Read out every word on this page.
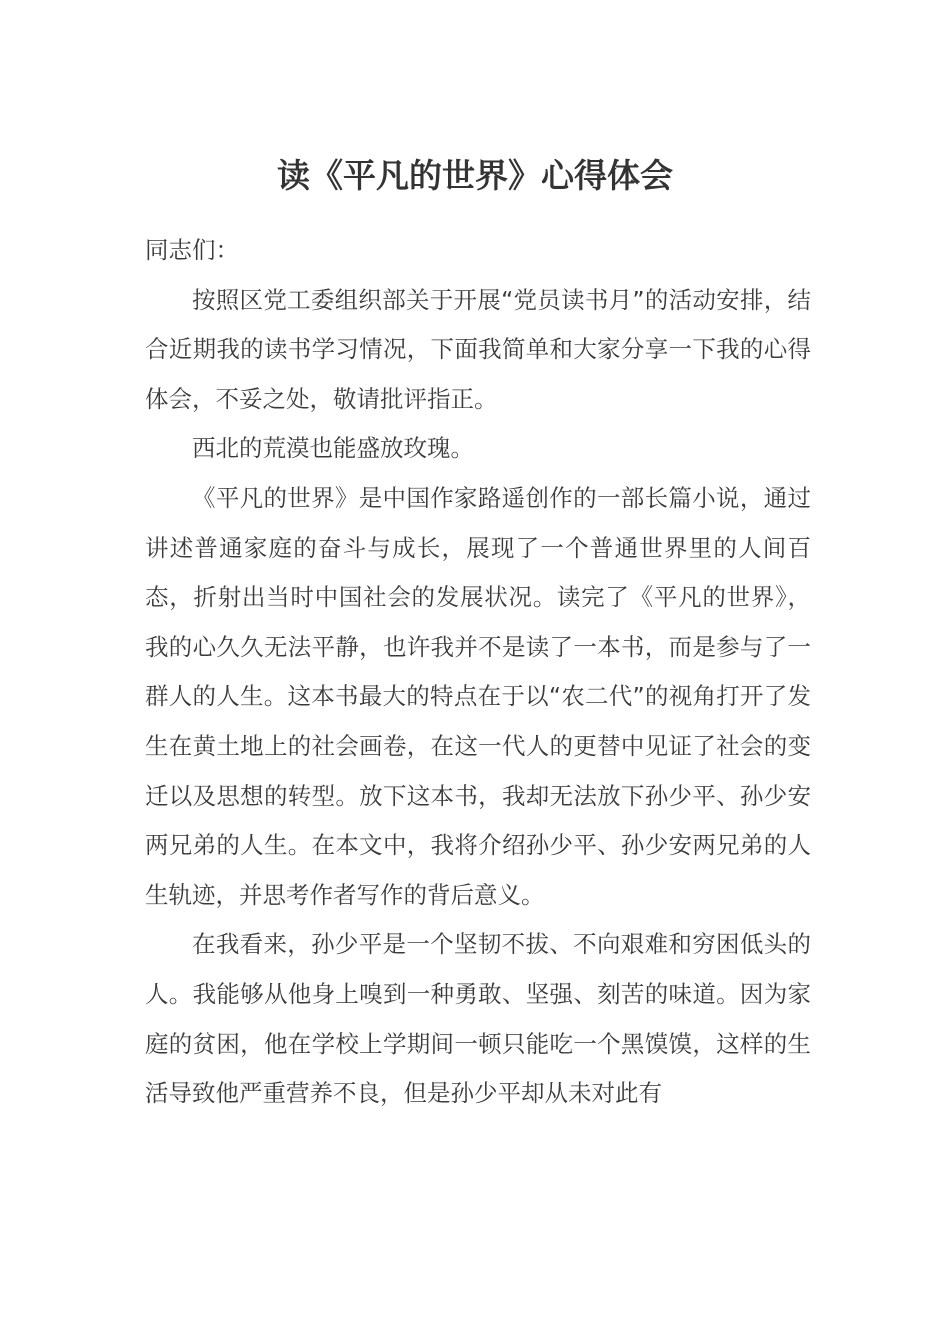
读《平凡的世界》心得体会

同志们：

按照区党工委组织部关于开展“党员读书月”的活动安排，结合近期我的读书学习情况，下面我简单和大家分享一下我的心得体会，不妥之处，敬请批评指正。

西北的荒漠也能盛放玫瑰。

《平凡的世界》是中国作家路遥创作的一部长篇小说，通过讲述普通家庭的奋斗与成长，展现了一个普通世界里的人间百态，折射出当时中国社会的发展状况。读完了《平凡的世界》，我的心久久无法平静，也许我并不是读了一本书，而是参与了一群人的人生。这本书最大的特点在于以“农二代”的视角打开了发生在黄土地上的社会画卷，在这一代人的更替中见证了社会的变迁以及思想的转型。放下这本书，我却无法放下孙少平、孙少安两兄弟的人生。在本文中，我将介绍孙少平、孙少安两兄弟的人生轨迹，并思考作者写作的背后意义。

在我看来，孙少平是一个坚韧不拔、不向艰难和穷困低头的人。我能够从他身上嗅到一种勇敢、坚强、刻苦的味道。因为家庭的贫困，他在学校上学期间一顿只能吃一个黑馍馍，这样的生活导致他严重营养不良，但是孙少平却从未对此有
